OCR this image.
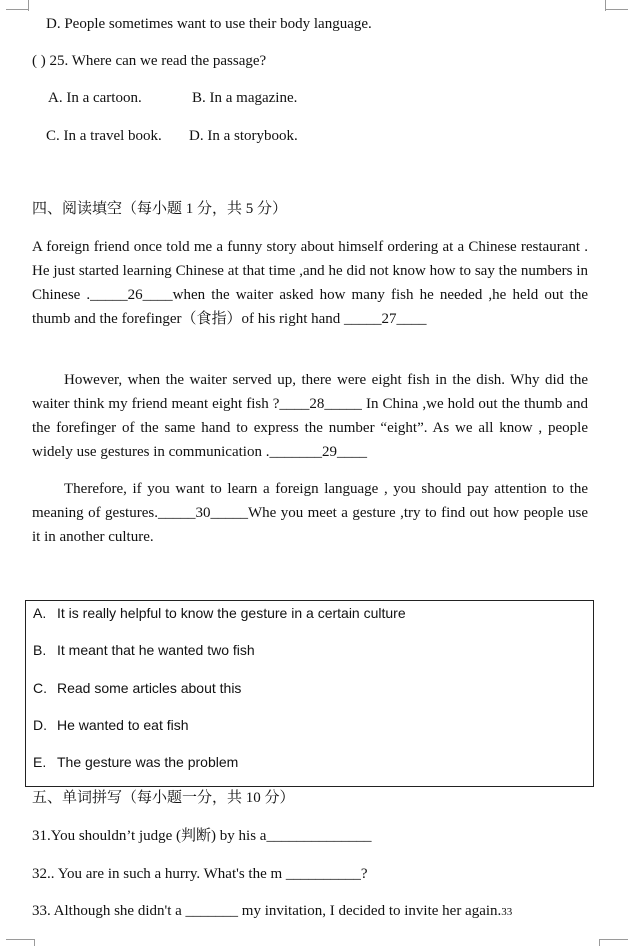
D. People sometimes want to use their body language.
( ) 25. Where can we read the passage?
A. In a cartoon.	B. In a magazine.
C. In a travel book. D. In a storybook.
四、阅读填空（每小题 1 分，共 5 分）
A foreign friend once told me a funny story about himself ordering at a Chinese restaurant . He just started learning Chinese at that time ,and he did not know how to say the numbers in Chinese ._____26____when the waiter asked how many fish he needed ,he held out the thumb and the forefinger（食指）of his right hand _____27____
However, when the waiter served up, there were eight fish in the dish. Why did the waiter think my friend meant eight fish ?____28_____ In China ,we hold out the thumb and the forefinger of the same hand to express the number “eight”. As we all know , people widely use gestures in communication ._______29____
Therefore, if you want to learn a foreign language , you should pay attention to the meaning of gestures._____30_____Whe you meet a gesture ,try to find out how people use it in another culture.
A. It is really helpful to know the gesture in a certain culture
B. It meant that he wanted two fish
C. Read some articles about this
D. He wanted to eat fish
E. The gesture was the problem
五、单词拼写（每小题一分，共 10 分）
31.You shouldn’t judge (判断) by his a______________
32.. You are in such a hurry. What's the m __________?
33. Although she didn't a _______ my invitation, I decided to invite her again.33
